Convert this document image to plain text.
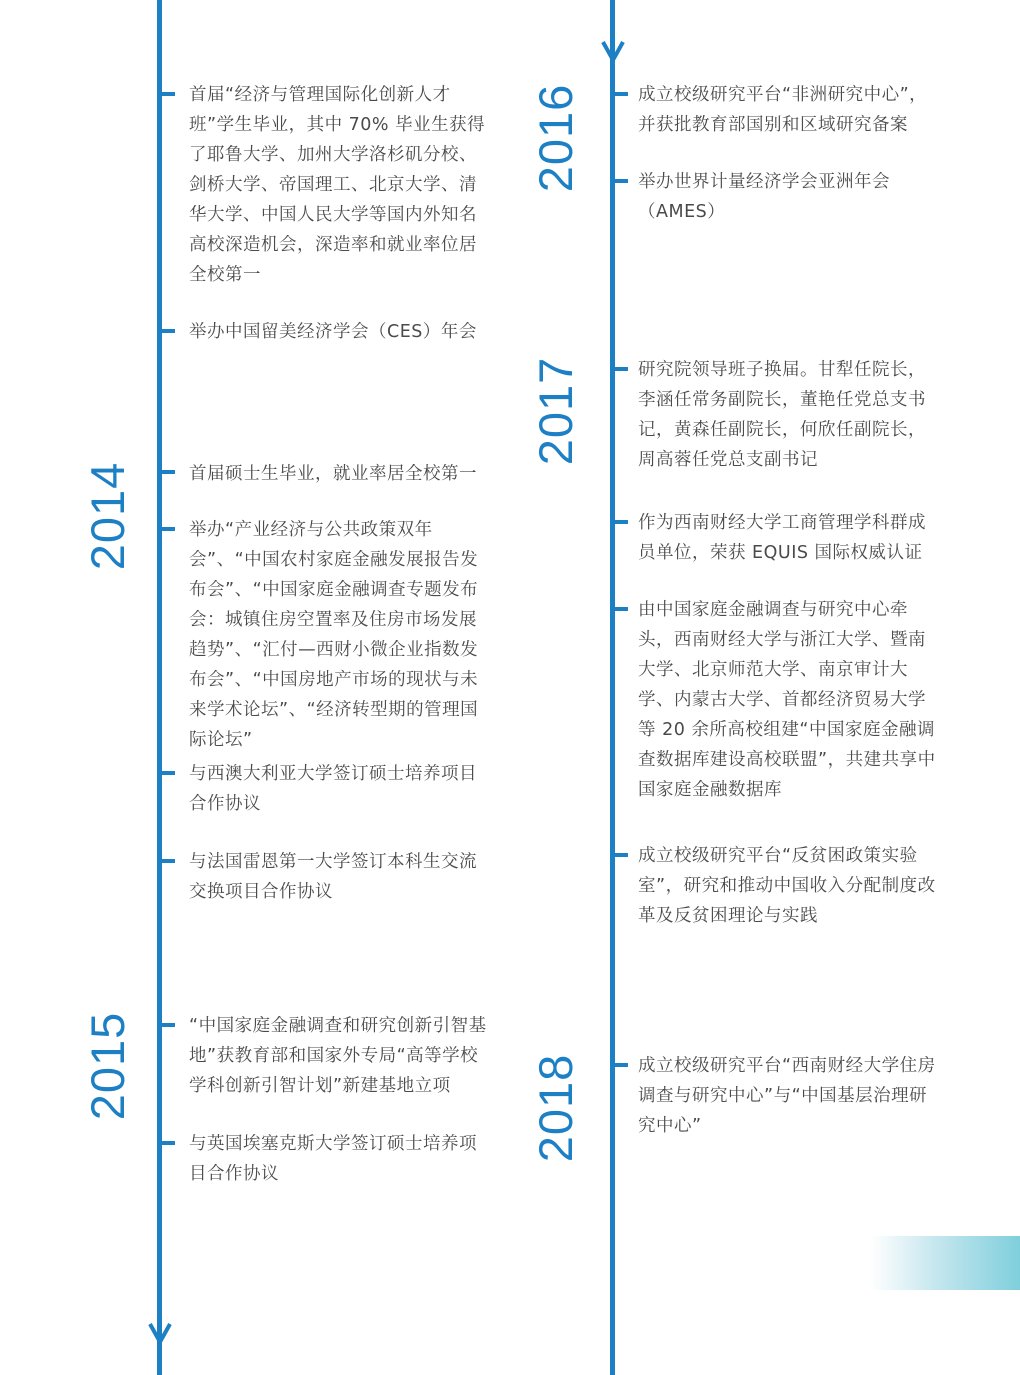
2014
2015
2016
2017
2018

首届“经济与管理国际化创新人才班”学生毕业，其中 70% 毕业生获得了耶鲁大学、加州大学洛杉矶分校、剑桥大学、帝国理工、北京大学、清华大学、中国人民大学等国内外知名高校深造机会，深造率和就业率位居全校第一

举办中国留美经济学会（CES）年会

首届硕士生毕业，就业率居全校第一

举办“产业经济与公共政策双年会”、“中国农村家庭金融发展报告发布会”、“中国家庭金融调查专题发布会：城镇住房空置率及住房市场发展趋势”、“汇付—西财小微企业指数发布会”、“中国房地产市场的现状与未来学术论坛”、“经济转型期的管理国际论坛”

与西澳大利亚大学签订硕士培养项目合作协议

与法国雷恩第一大学签订本科生交流交换项目合作协议

“中国家庭金融调查和研究创新引智基地”获教育部和国家外专局“高等学校学科创新引智计划”新建基地立项

与英国埃塞克斯大学签订硕士培养项目合作协议

成立校级研究平台“非洲研究中心”，并获批教育部国别和区域研究备案

举办世界计量经济学会亚洲年会（AMES）

研究院领导班子换届。甘犁任院长，李涵任常务副院长，董艳任党总支书记，黄森任副院长，何欣任副院长，周高蓉任党总支副书记

作为西南财经大学工商管理学科群成员单位，荣获 EQUIS 国际权威认证

由中国家庭金融调查与研究中心牵头，西南财经大学与浙江大学、暨南大学、北京师范大学、南京审计大学、内蒙古大学、首都经济贸易大学等 20 余所高校组建“中国家庭金融调查数据库建设高校联盟”，共建共享中国家庭金融数据库

成立校级研究平台“反贫困政策实验室”，研究和推动中国收入分配制度改革及反贫困理论与实践

成立校级研究平台“西南财经大学住房调查与研究中心”与“中国基层治理研究中心”
